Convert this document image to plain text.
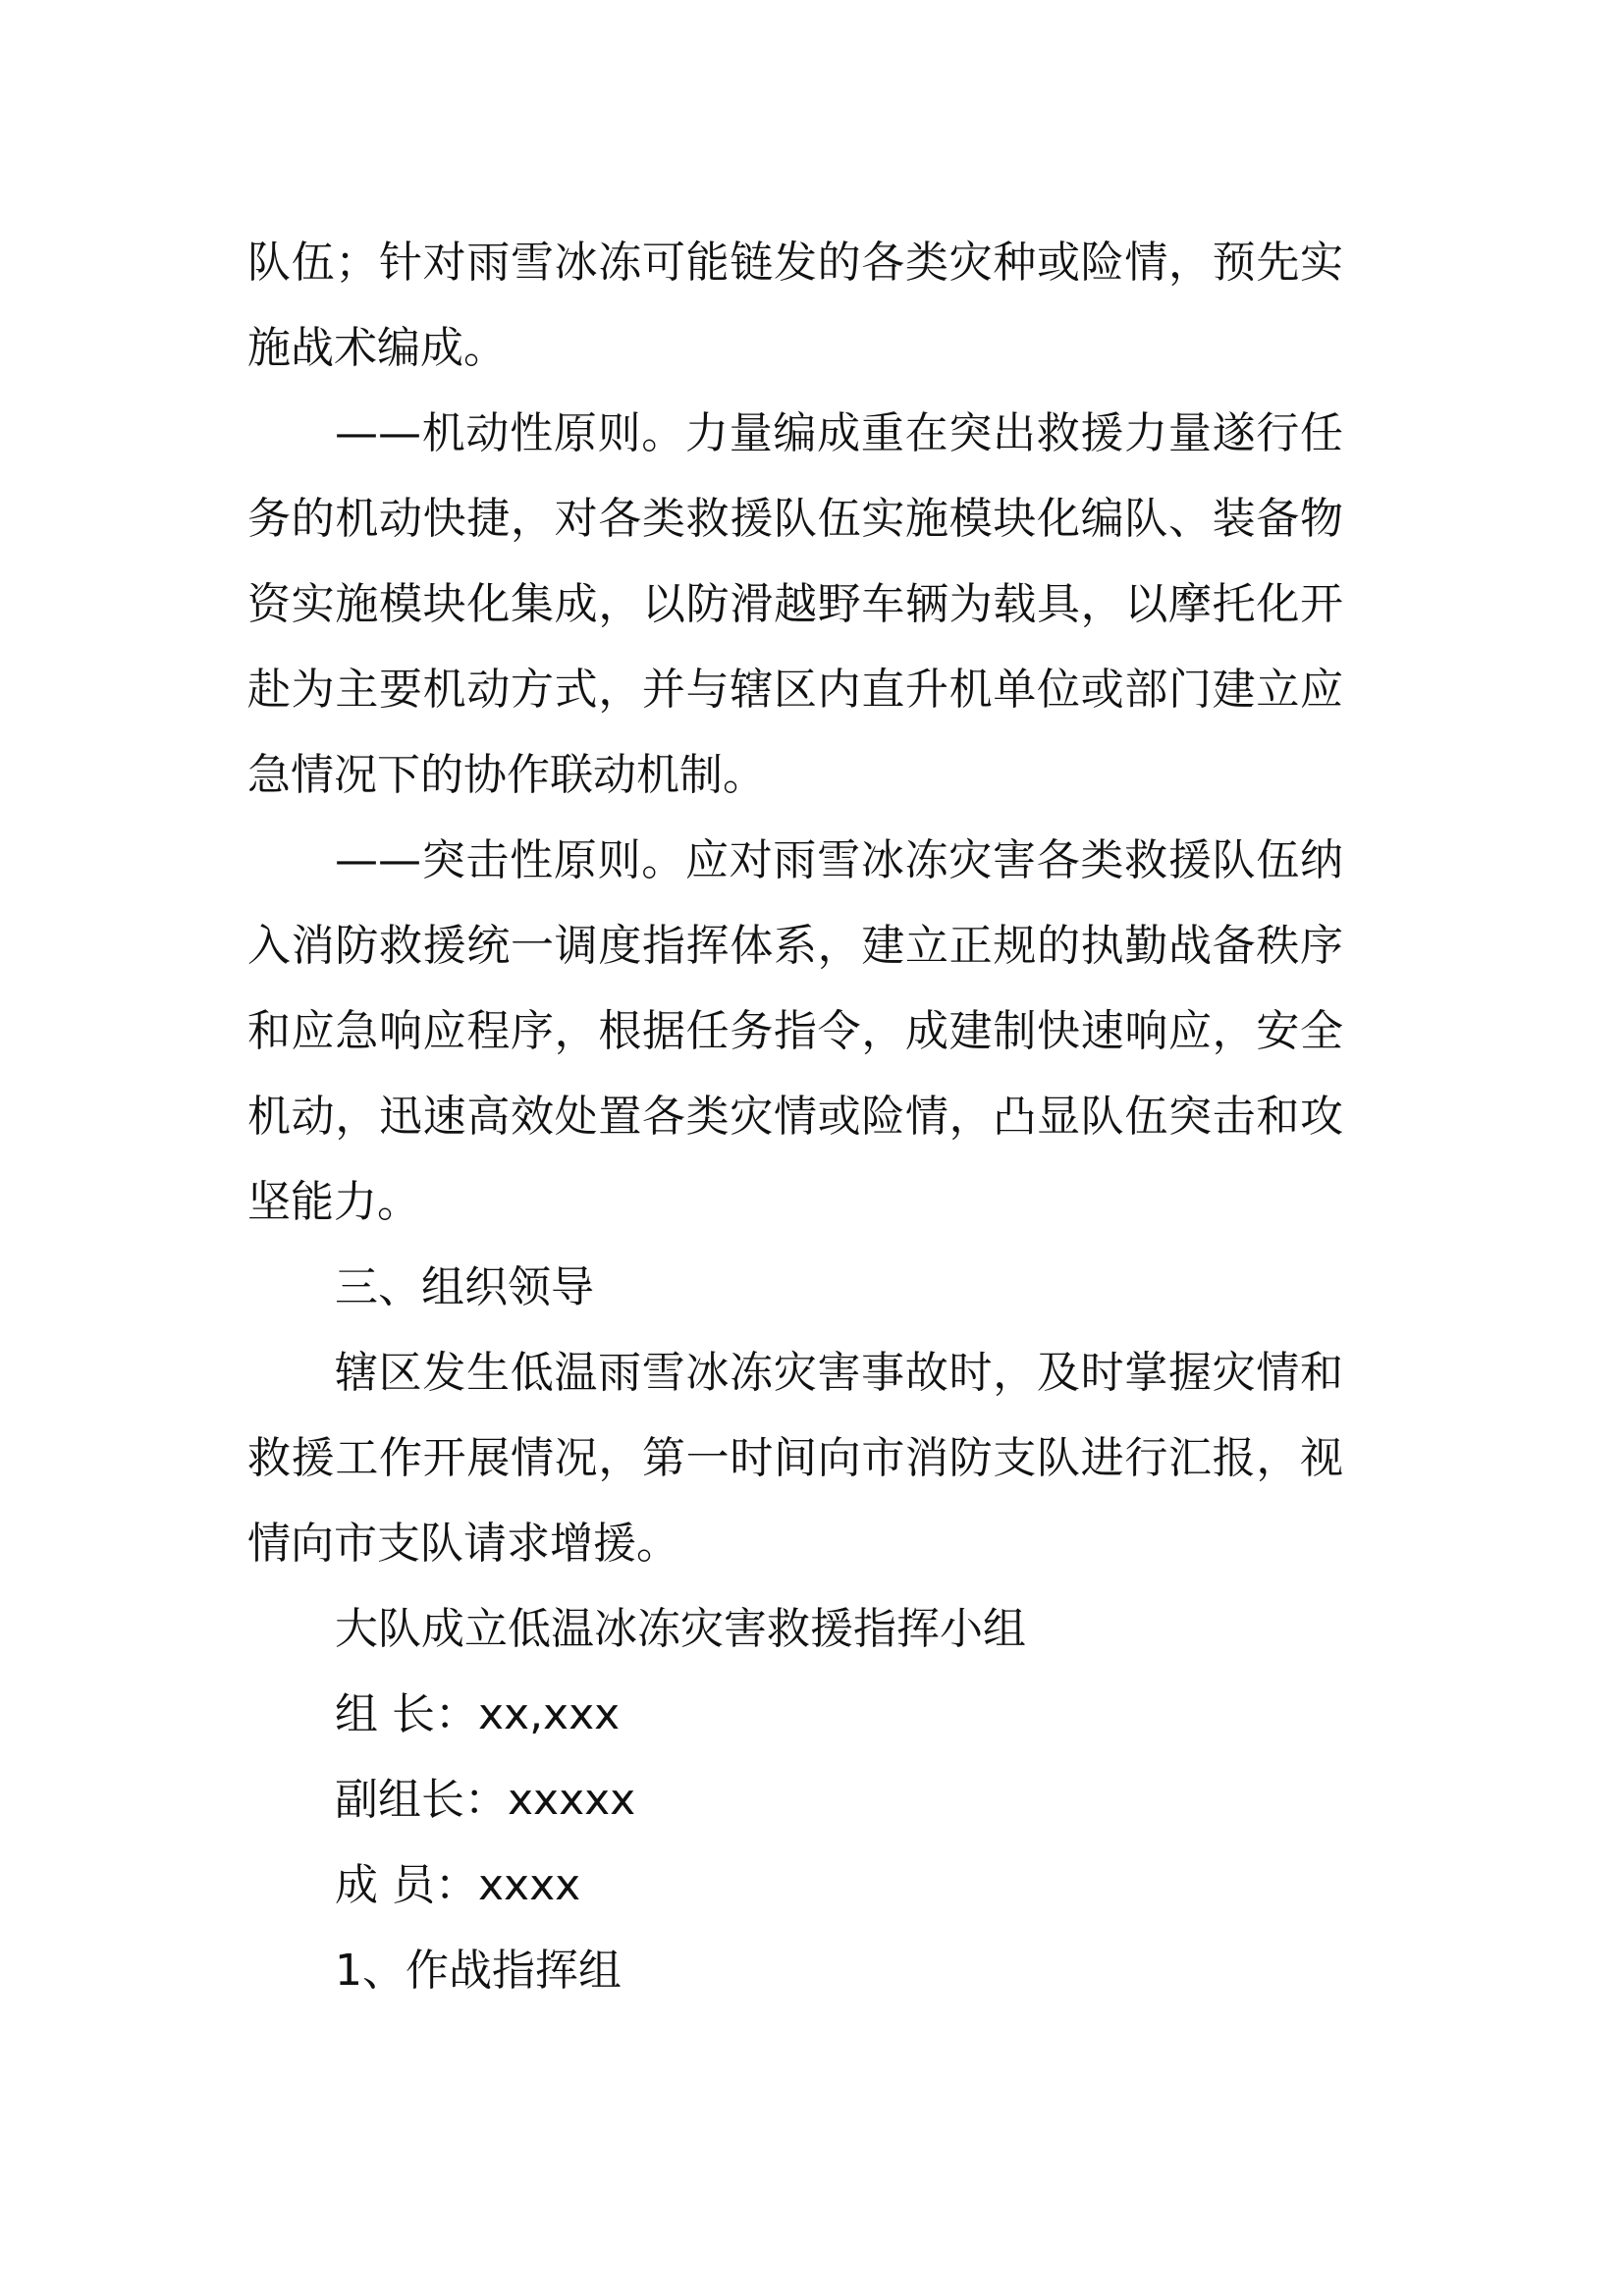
队伍；针对雨雪冰冻可能链发的各类灾种或险情，预先实
施战术编成。
——机动性原则。力量编成重在突出救援力量遂行任
务的机动快捷，对各类救援队伍实施模块化编队、装备物
资实施模块化集成，以防滑越野车辆为载具，以摩托化开
赴为主要机动方式，并与辖区内直升机单位或部门建立应
急情况下的协作联动机制。
——突击性原则。应对雨雪冰冻灾害各类救援队伍纳
入消防救援统一调度指挥体系，建立正规的执勤战备秩序
和应急响应程序，根据任务指令，成建制快速响应，安全
机动，迅速高效处置各类灾情或险情，凸显队伍突击和攻
坚能力。
三、组织领导
辖区发生低温雨雪冰冻灾害事故时，及时掌握灾情和
救援工作开展情况，第一时间向市消防支队进行汇报，视
情向市支队请求增援。
大队成立低温冰冻灾害救援指挥小组
组 长：xx,xxx
副组长：xxxxx
成 员：xxxx
1、作战指挥组
